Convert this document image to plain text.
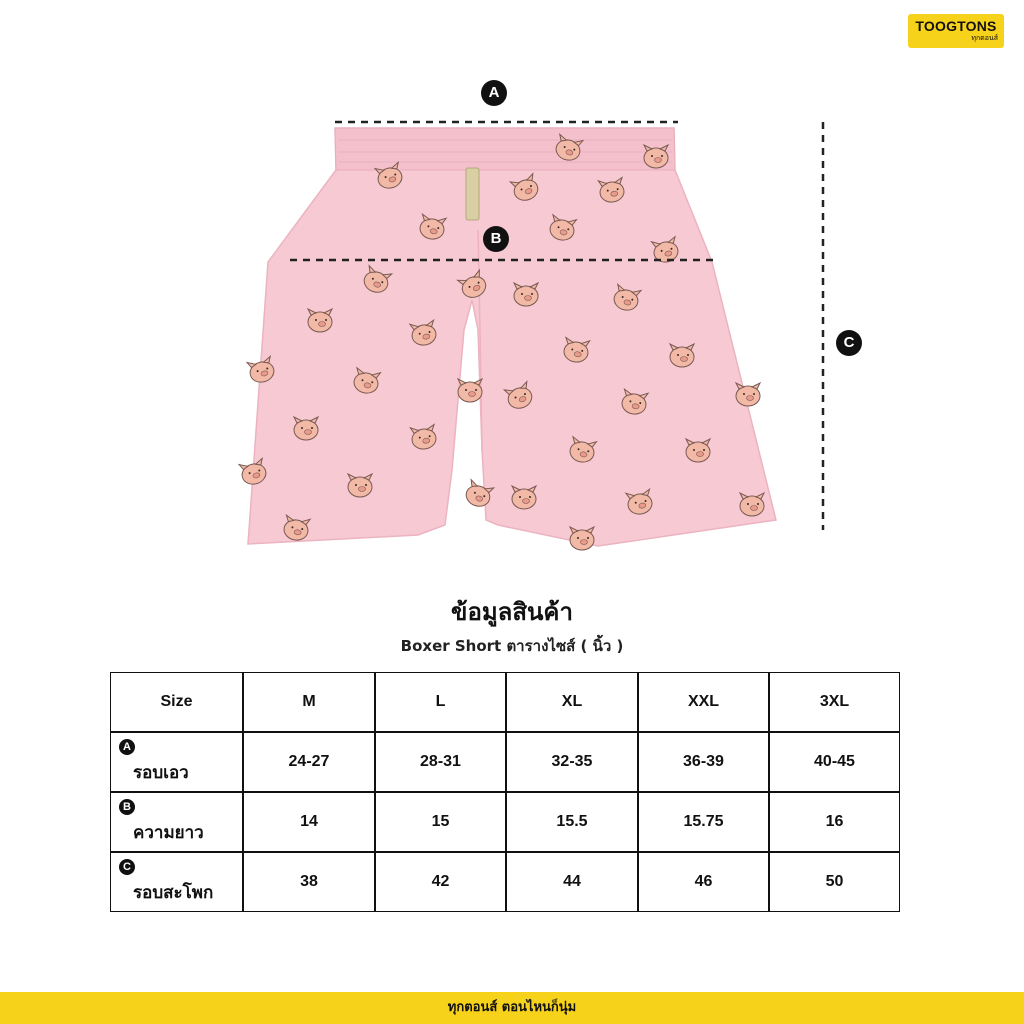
TOOGTONS
ทุกตอนส์
A
B
C
ข้อมูลสินค้า
Boxer Short ตารางไซส์ ( นิ้ว )
Size	M	L	XL	XXL	3XL
A
รอบเอว
24-27	28-31	32-35	36-39	40-45
B
ความยาว
14	15	15.5	15.75	16
C
รอบสะโพก
38	42	44	46	50
ทุกตอนส์ ตอนไหนก็นุ่ม
